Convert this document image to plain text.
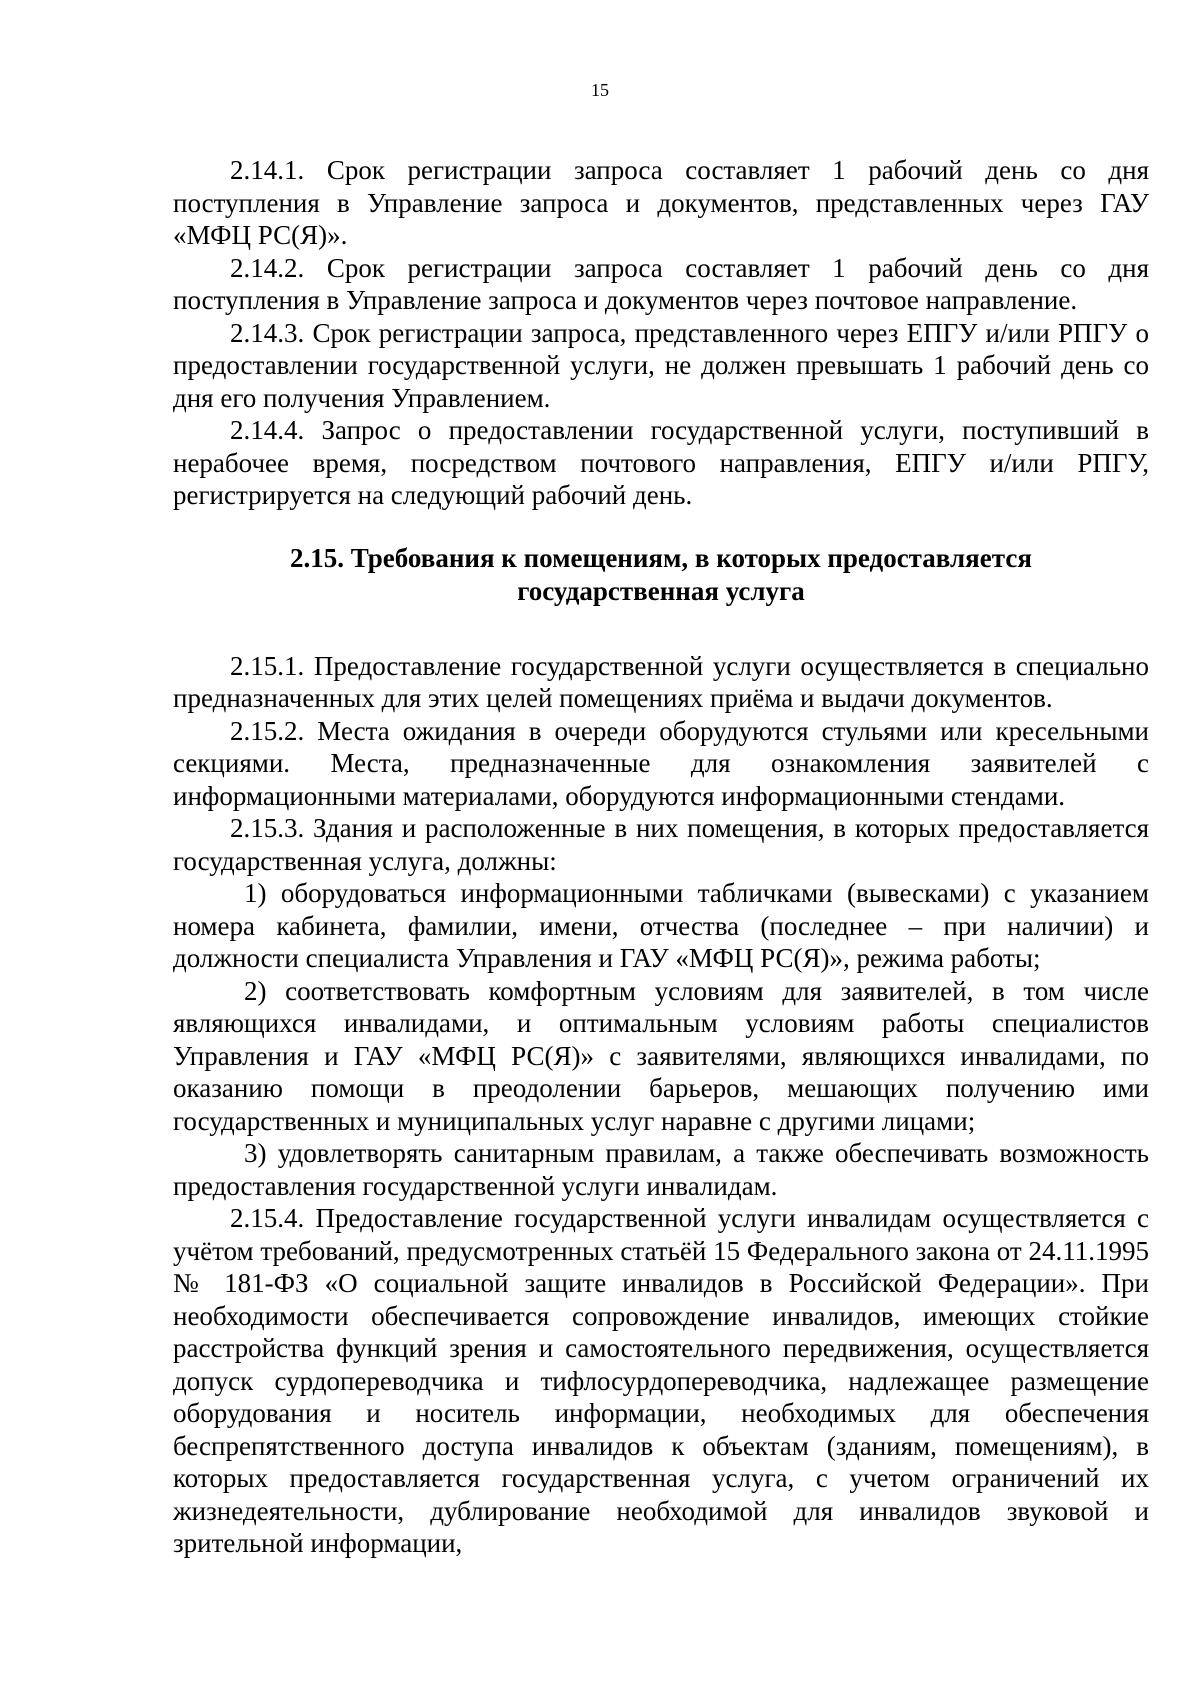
15

2.14.1. Срок регистрации запроса составляет 1 рабочий день со дня поступления в Управление запроса и документов, представленных через ГАУ «МФЦ РС(Я)».

2.14.2. Срок регистрации запроса составляет 1 рабочий день со дня поступления в Управление запроса и документов через почтовое направление.

2.14.3. Срок регистрации запроса, представленного через ЕПГУ и/или РПГУ о предоставлении государственной услуги, не должен превышать 1 рабочий день со дня его получения Управлением.

2.14.4. Запрос о предоставлении государственной услуги, поступивший в нерабочее время, посредством почтового направления, ЕПГУ и/или РПГУ, регистрируется на следующий рабочий день.

2.15. Требования к помещениям, в которых предоставляется
государственная услуга

2.15.1. Предоставление государственной услуги осуществляется в специально предназначенных для этих целей помещениях приёма и выдачи документов.

2.15.2. Места ожидания в очереди оборудуются стульями или кресельными секциями. Места, предназначенные для ознакомления заявителей с информационными материалами, оборудуются информационными стендами.

2.15.3. Здания и расположенные в них помещения, в которых предоставляется государственная услуга, должны:

1) оборудоваться информационными табличками (вывесками) с указанием номера кабинета, фамилии, имени, отчества (последнее – при наличии) и должности специалиста Управления и ГАУ «МФЦ РС(Я)», режима работы;

2) соответствовать комфортным условиям для заявителей, в том числе являющихся инвалидами, и оптимальным условиям работы специалистов Управления и ГАУ «МФЦ РС(Я)» с заявителями, являющихся инвалидами, по оказанию помощи в преодолении барьеров, мешающих получению ими государственных и муниципальных услуг наравне с другими лицами;

3) удовлетворять санитарным правилам, а также обеспечивать возможность предоставления государственной услуги инвалидам.

2.15.4. Предоставление государственной услуги инвалидам осуществляется с учётом требований, предусмотренных статьёй 15 Федерального закона от 24.11.1995 № 181-ФЗ «О социальной защите инвалидов в Российской Федерации». При необходимости обеспечивается сопровождение инвалидов, имеющих стойкие расстройства функций зрения и самостоятельного передвижения, осуществляется допуск сурдопереводчика и тифлосурдопереводчика, надлежащее размещение оборудования и носитель информации, необходимых для обеспечения беспрепятственного доступа инвалидов к объектам (зданиям, помещениям), в которых предоставляется государственная услуга, с учетом ограничений их жизнедеятельности, дублирование необходимой для инвалидов звуковой и зрительной информации,
